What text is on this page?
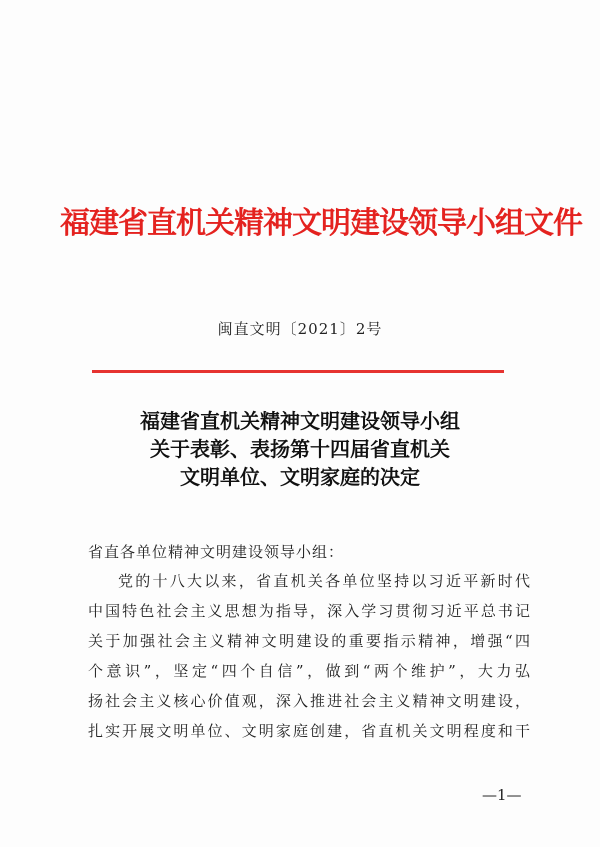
福建省直机关精神文明建设领导小组文件
闽直文明〔2021〕2号
福建省直机关精神文明建设领导小组
关于表彰、表扬第十四届省直机关
文明单位、文明家庭的决定
省直各单位精神文明建设领导小组：
党的十八大以来，省直机关各单位坚持以习近平新时代
中国特色社会主义思想为指导，深入学习贯彻习近平总书记
关于加强社会主义精神文明建设的重要指示精神，增强“四
个意识”，坚定“四个自信”，做到“两个维护”，大力弘
扬社会主义核心价值观，深入推进社会主义精神文明建设，
扎实开展文明单位、文明家庭创建，省直机关文明程度和干
—1—
